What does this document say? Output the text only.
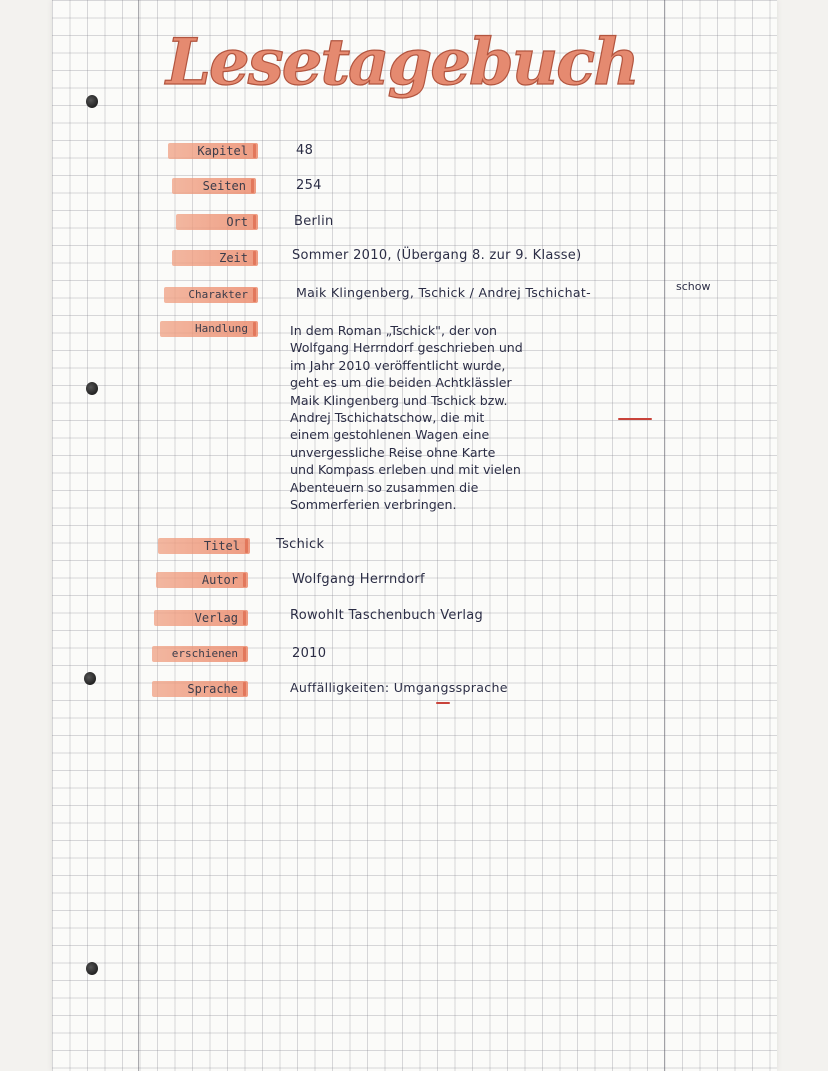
Lesetagebuch
Kapitel	48
Seiten	254
Ort	Berlin
Zeit	Sommer 2010, (Übergang 8. zur 9. Klasse)
Charakter	Maik Klingenberg, Tschick / Andrej Tschichat-	schow
Handlung	In dem Roman „Tschick", der von
Wolfgang Herrndorf geschrieben und
im Jahr 2010 veröffentlicht wurde,
geht es um die beiden Achtklässler
Maik Klingenberg und Tschick bzw.
Andrej Tschichatschow, die mit
einem gestohlenen Wagen eine
unvergessliche Reise ohne Karte
und Kompass erleben und mit vielen
Abenteuern so zusammen die
Sommerferien verbringen.
Titel	Tschick
Autor	Wolfgang Herrndorf
Verlag	Rowohlt Taschenbuch Verlag
erschienen	2010
Sprache	Auffälligkeiten: Umgangssprache
